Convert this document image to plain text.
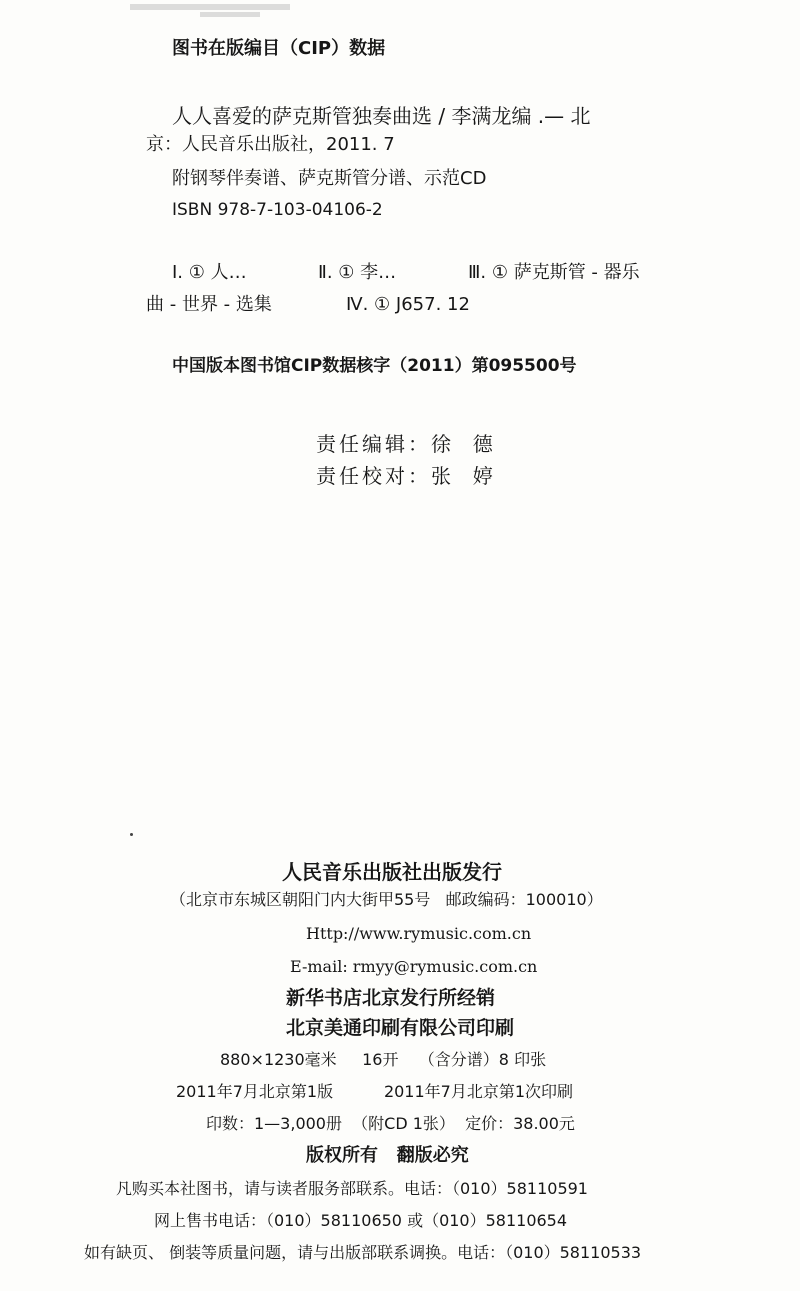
图书在版编目（CIP）数据
人人喜爱的萨克斯管独奏曲选 / 李满龙编 .— 北
京：人民音乐出版社，2011. 7
附钢琴伴奏谱、萨克斯管分谱、示范CD
ISBN 978-7-103-04106-2
I. ① 人…	Ⅱ. ① 李…	Ⅲ. ① 萨克斯管 - 器乐
曲 - 世界 - 选集	Ⅳ. ① J657. 12
中国版本图书馆CIP数据核字（2011）第095500号
责任编辑：徐  德
责任校对：张  婷
人民音乐出版社出版发行
（北京市东城区朝阳门内大街甲55号   邮政编码：100010）
Http://www.rymusic.com.cn
E-mail: rmyy@rymusic.com.cn
新华书店北京发行所经销
北京美通印刷有限公司印刷
880×1230毫米     16开    （含分谱）8 印张
2011年7月北京第1版          2011年7月北京第1次印刷
印数：1—3,000册  （附CD 1张）  定价：38.00元
版权所有   翻版必究
凡购买本社图书，请与读者服务部联系。电话：（010）58110591
网上售书电话：（010）58110650 或（010）58110654
如有缺页、 倒装等质量问题，请与出版部联系调换。电话：（010）58110533
